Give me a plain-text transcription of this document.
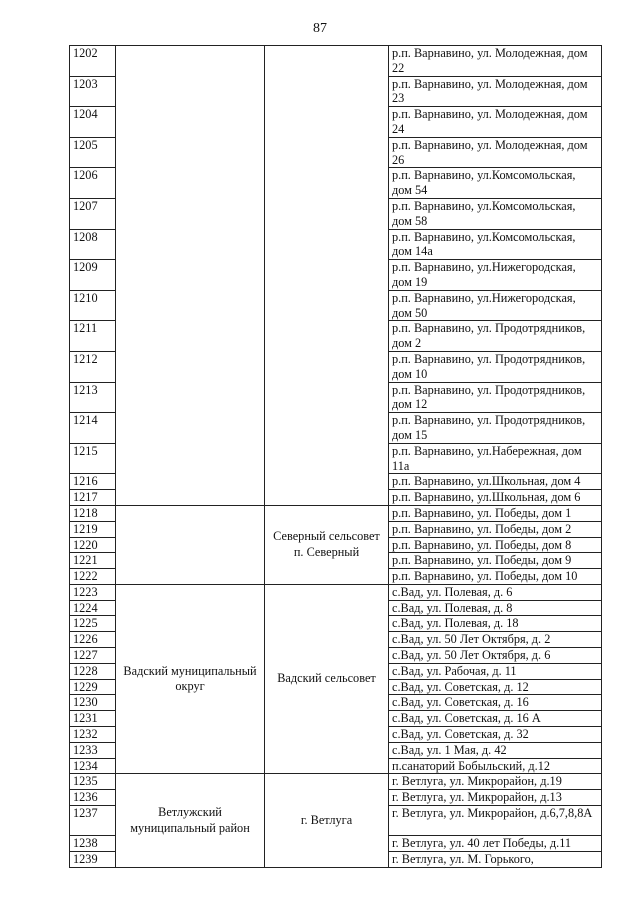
87
1202			р.п. Варнавино, ул. Молодежная, дом 22
1203			р.п. Варнавино, ул. Молодежная, дом 23
1204			р.п. Варнавино, ул. Молодежная, дом 24
1205			р.п. Варнавино, ул. Молодежная, дом 26
1206			р.п. Варнавино, ул.Комсомольская, дом 54
1207			р.п. Варнавино, ул.Комсомольская, дом 58
1208			р.п. Варнавино, ул.Комсомольская, дом 14а
1209			р.п. Варнавино, ул.Нижегородская, дом 19
1210			р.п. Варнавино, ул.Нижегородская, дом 50
1211			р.п. Варнавино, ул. Продотрядников, дом 2
1212			р.п. Варнавино, ул. Продотрядников, дом 10
1213			р.п. Варнавино, ул. Продотрядников, дом 12
1214			р.п. Варнавино, ул. Продотрядников, дом 15
1215			р.п. Варнавино, ул.Набережная, дом 11а
1216			р.п. Варнавино, ул.Школьная, дом 4
1217			р.п. Варнавино, ул.Школьная, дом 6
1218		Северный сельсовет п. Северный	р.п. Варнавино, ул. Победы, дом 1
1219			р.п. Варнавино, ул. Победы, дом 2
1220			р.п. Варнавино, ул. Победы, дом 8
1221			р.п. Варнавино, ул. Победы, дом 9
1222			р.п. Варнавино, ул. Победы, дом 10
1223	Вадский муниципальный округ	Вадский сельсовет	с.Вад, ул. Полевая, д. 6
1224			с.Вад, ул. Полевая, д. 8
1225			с.Вад, ул. Полевая, д. 18
1226			с.Вад, ул. 50 Лет Октября, д. 2
1227			с.Вад, ул. 50 Лет Октября, д. 6
1228			с.Вад, ул. Рабочая, д. 11
1229			с.Вад, ул. Советская, д. 12
1230			с.Вад, ул. Советская, д. 16
1231			с.Вад, ул. Советская, д. 16 А
1232			с.Вад, ул. Советская, д. 32
1233			с.Вад, ул. 1 Мая, д. 42
1234			п.санаторий Бобыльский, д.12
1235	Ветлужский муниципальный район	г. Ветлуга	г. Ветлуга, ул. Микрорайон, д.19
1236			г. Ветлуга, ул. Микрорайон, д.13
1237			г. Ветлуга, ул. Микрорайон, д.6,7,8,8А
1238			г. Ветлуга, ул. 40 лет Победы, д.11
1239			г. Ветлуга, ул. М. Горького,
